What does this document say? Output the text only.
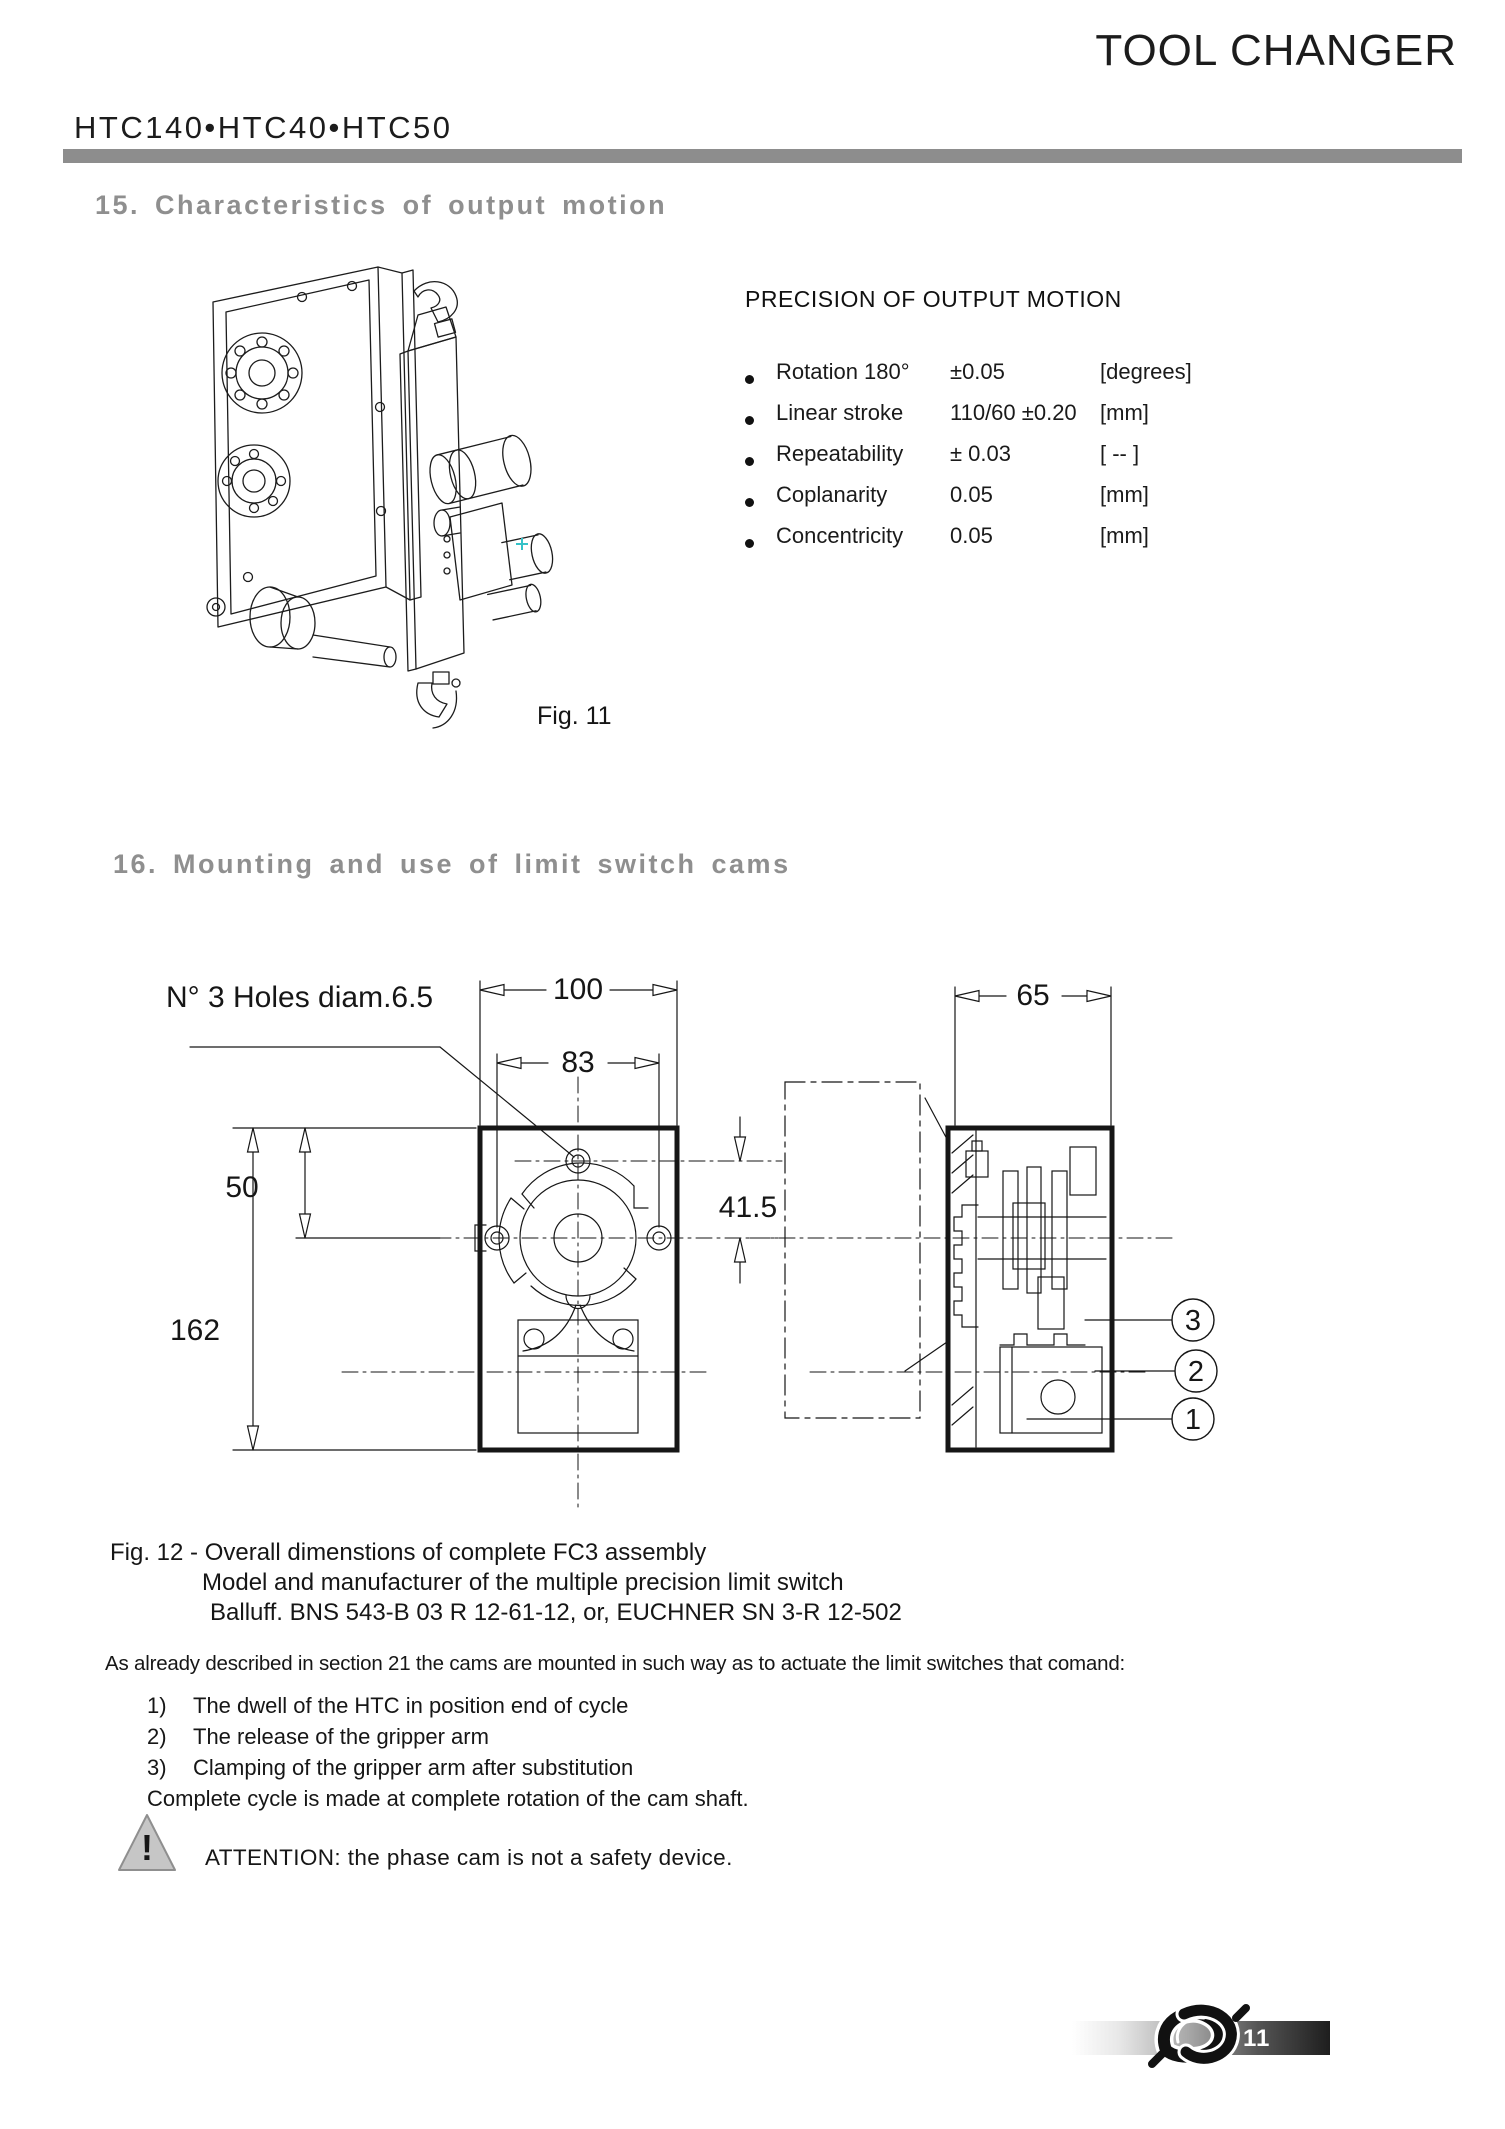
TOOL CHANGER
HTC140•HTC40•HTC50
15. Characteristics of output motion
PRECISION OF OUTPUT MOTION
Rotation 180°	±0.05	[degrees]
Linear stroke	110/60 ±0.20	[mm]
Repeatability	± 0.03	[ -- ]
Coplanarity	0.05	[mm]
Concentricity	0.05	[mm]
Fig. 11
16. Mounting and use of limit switch cams
N° 3 Holes diam.6.5	100
83
65
50
41.5
162	3
2
1
Fig. 12 - Overall dimenstions of complete FC3 assembly
Model and manufacturer of the multiple precision limit switch
Balluff. BNS 543-B 03 R 12-61-12, or, EUCHNER SN 3-R 12-502
As already described in section 21 the cams are mounted in such way as to actuate the limit switches that comand:
1)	The dwell of the HTC in position end of cycle
2)	The release of the gripper arm
3)	Clamping of the gripper arm after substitution
Complete cycle is made at complete rotation of the cam shaft.
! ATTENTION: the phase cam is not a safety device.
11
